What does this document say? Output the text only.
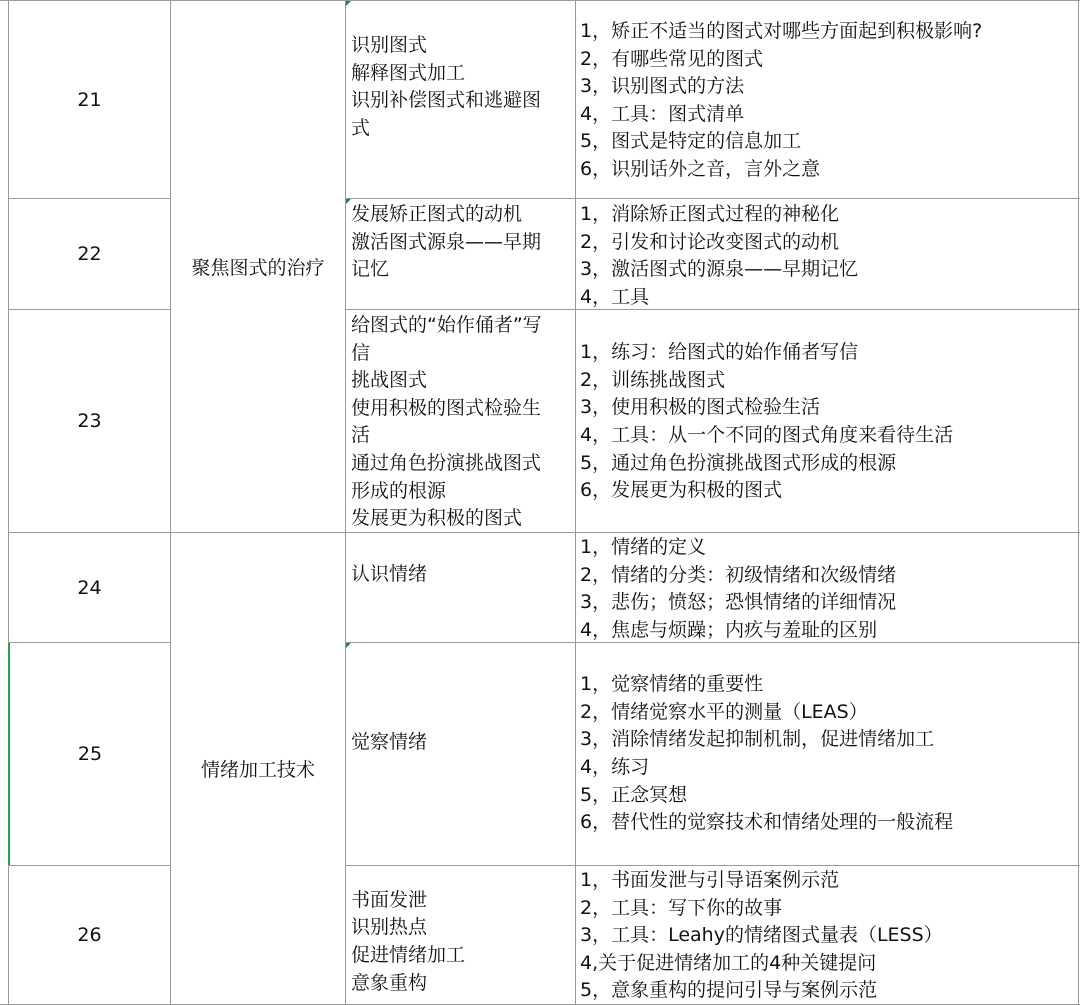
21
识别图式
解释图式加工
识别补偿图式和逃避图
式
1，矫正不适当的图式对哪些方面起到积极影响?
2，有哪些常见的图式
3，识别图式的方法
4，工具：图式清单
5，图式是特定的信息加工
6，识别话外之音，言外之意
22
发展矫正图式的动机
激活图式源泉——早期
记忆
1，消除矫正图式过程的神秘化
2，引发和讨论改变图式的动机
3，激活图式的源泉——早期记忆
4，工具
聚焦图式的治疗
23
给图式的“始作俑者”写
信
挑战图式
使用积极的图式检验生
活
通过角色扮演挑战图式
形成的根源
发展更为积极的图式
1，练习：给图式的始作俑者写信
2，训练挑战图式
3，使用积极的图式检验生活
4，工具：从一个不同的图式角度来看待生活
5，通过角色扮演挑战图式形成的根源
6，发展更为积极的图式
24
认识情绪
1，情绪的定义
2，情绪的分类：初级情绪和次级情绪
3，悲伤；愤怒；恐惧情绪的详细情况
4，焦虑与烦躁；内疚与羞耻的区别
情绪加工技术
25
觉察情绪
1，觉察情绪的重要性
2，情绪觉察水平的测量（LEAS）
3，消除情绪发起抑制机制，促进情绪加工
4，练习
5，正念冥想
6，替代性的觉察技术和情绪处理的一般流程
26
书面发泄
识别热点
促进情绪加工
意象重构
1，书面发泄与引导语案例示范
2，工具：写下你的故事
3，工具：Leahy的情绪图式量表（LESS）
4,关于促进情绪加工的4种关键提问
5，意象重构的提问引导与案例示范
